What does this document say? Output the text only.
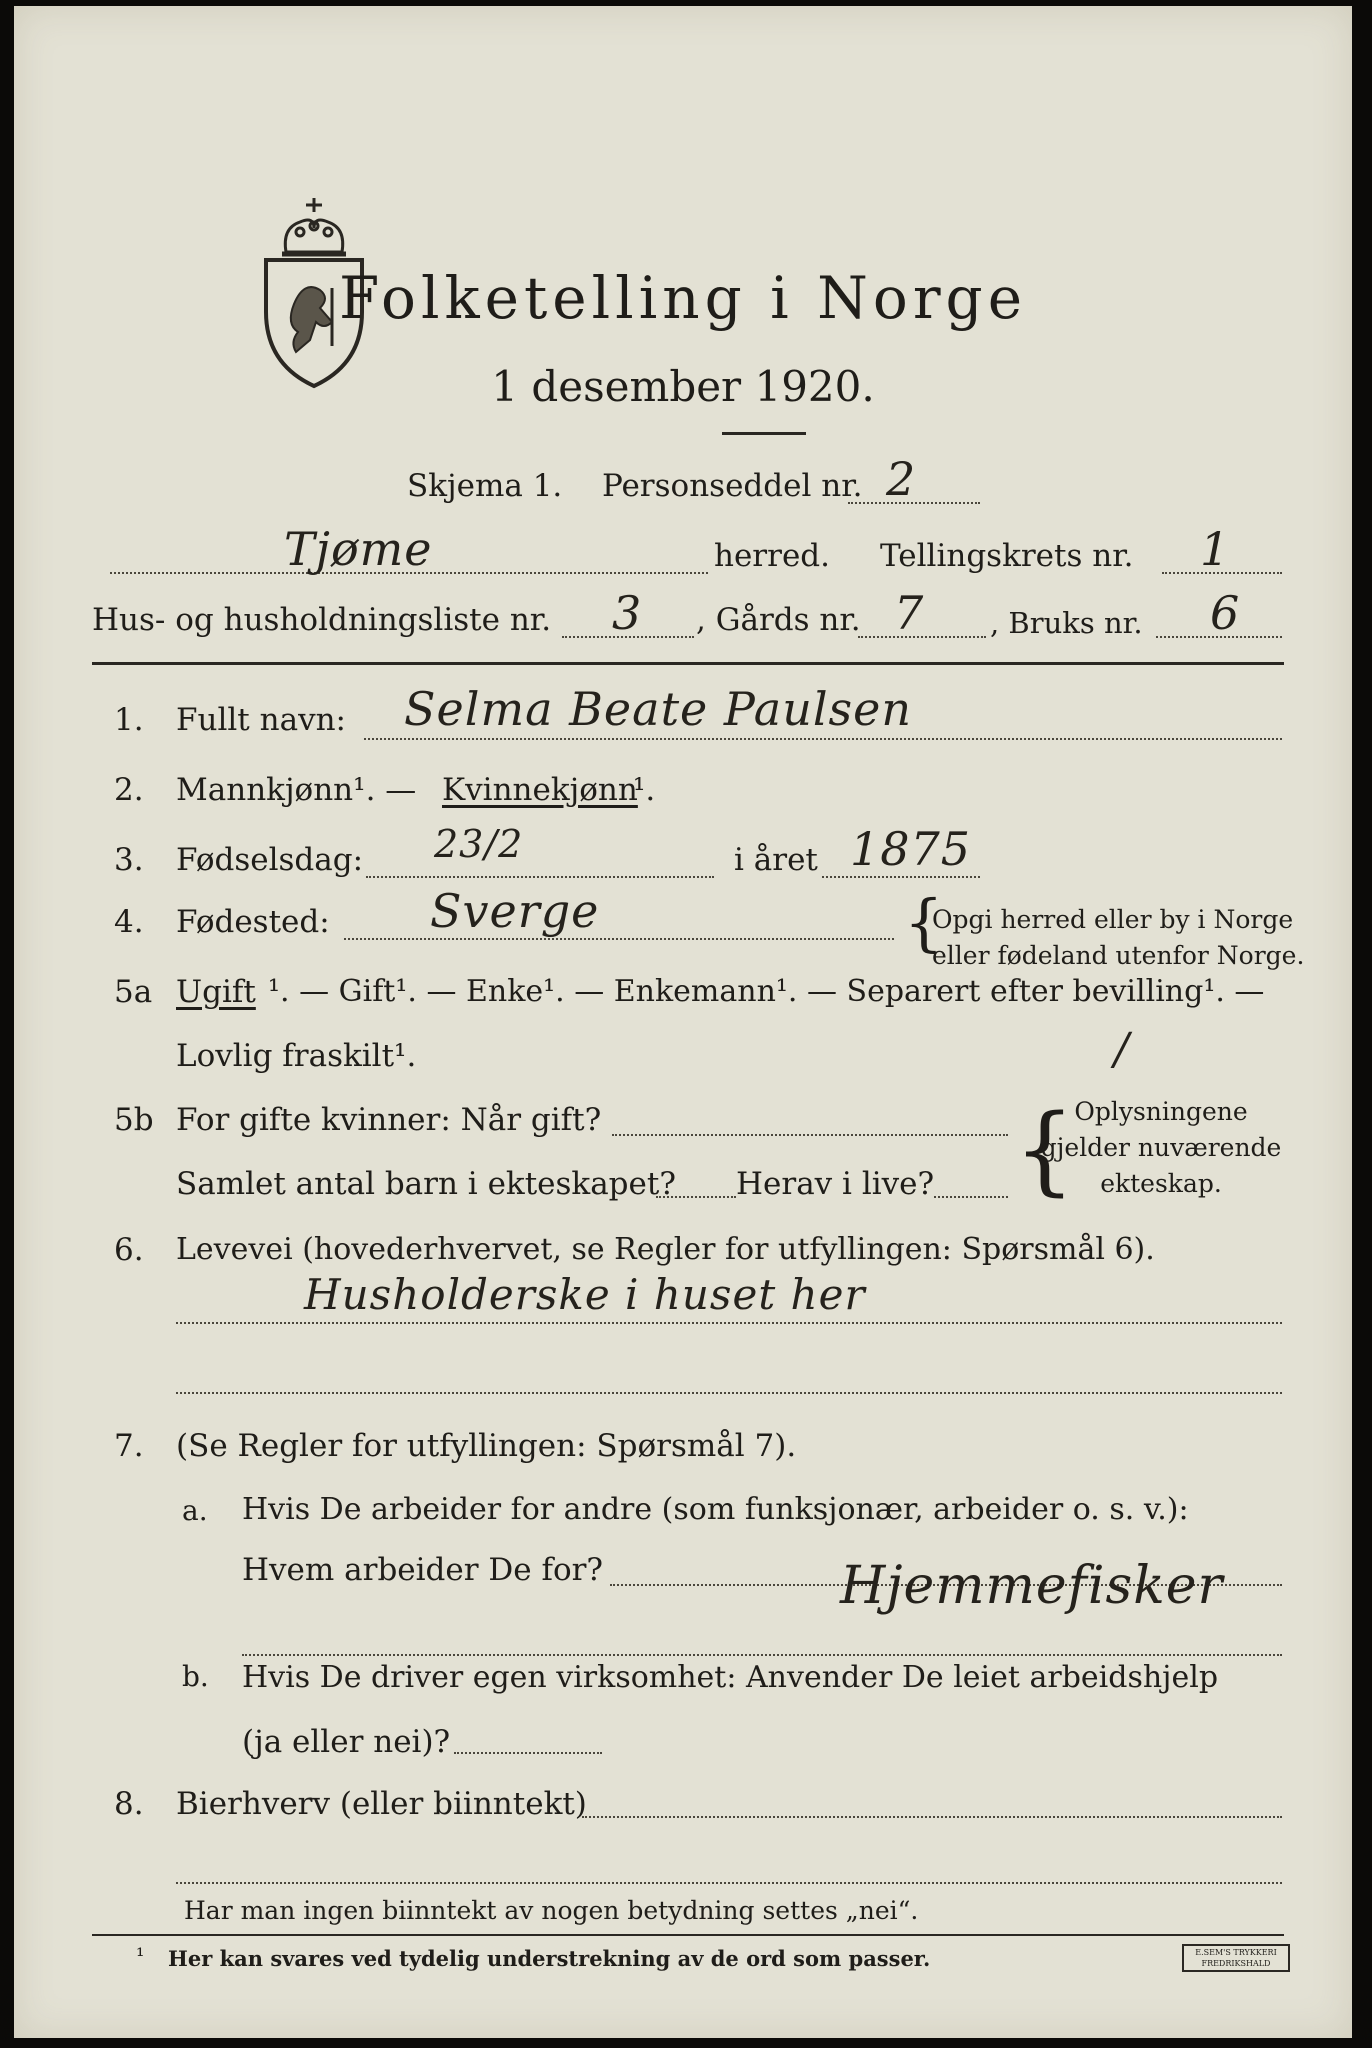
Folketelling i Norge
1 desember 1920.
Skjema 1. Personseddel nr. 2
Tjøme	herred. Tellingskrets nr. 1
Hus- og husholdningsliste nr. 3 , Gårds nr. 7 , Bruks nr. 6
1. Fullt navn: Selma Beate Paulsen
2. Mannkjønn¹. — Kvinnekjønn
¹.
3. Fødselsdag: 23/2	i året 1875
4. Fødested: Sverge	{
Opgi herred eller by i Norge
eller fødeland utenfor Norge.
5a Ugift ¹. — Gift¹. — Enke¹. — Enkemann¹. — Separert efter bevilling¹. —
Lovlig fraskilt¹.	/
5b For gifte kvinner: Når gift?
Samlet antal barn i ekteskapet? Herav i live? { Oplysningene
gjelder nuværende
ekteskap.
6. Levevei (hovederhvervet, se Regler for utfyllingen: Spørsmål 6).
Husholderske i huset her
7. (Se Regler for utfyllingen: Spørsmål 7).
a. Hvis De arbeider for andre (som funksjonær, arbeider o. s. v.):
Hvem arbeider De for?	Hjemmefisker
b. Hvis De driver egen virksomhet: Anvender De leiet arbeidshjelp
(ja eller nei)?
8. Bierhverv (eller biinntekt)
Har man ingen biinntekt av nogen betydning settes „nei“.
¹ Her kan svares ved tydelig understrekning av de ord som passer.	E.SEM'S TRYKKERI FREDRIKSHALD
